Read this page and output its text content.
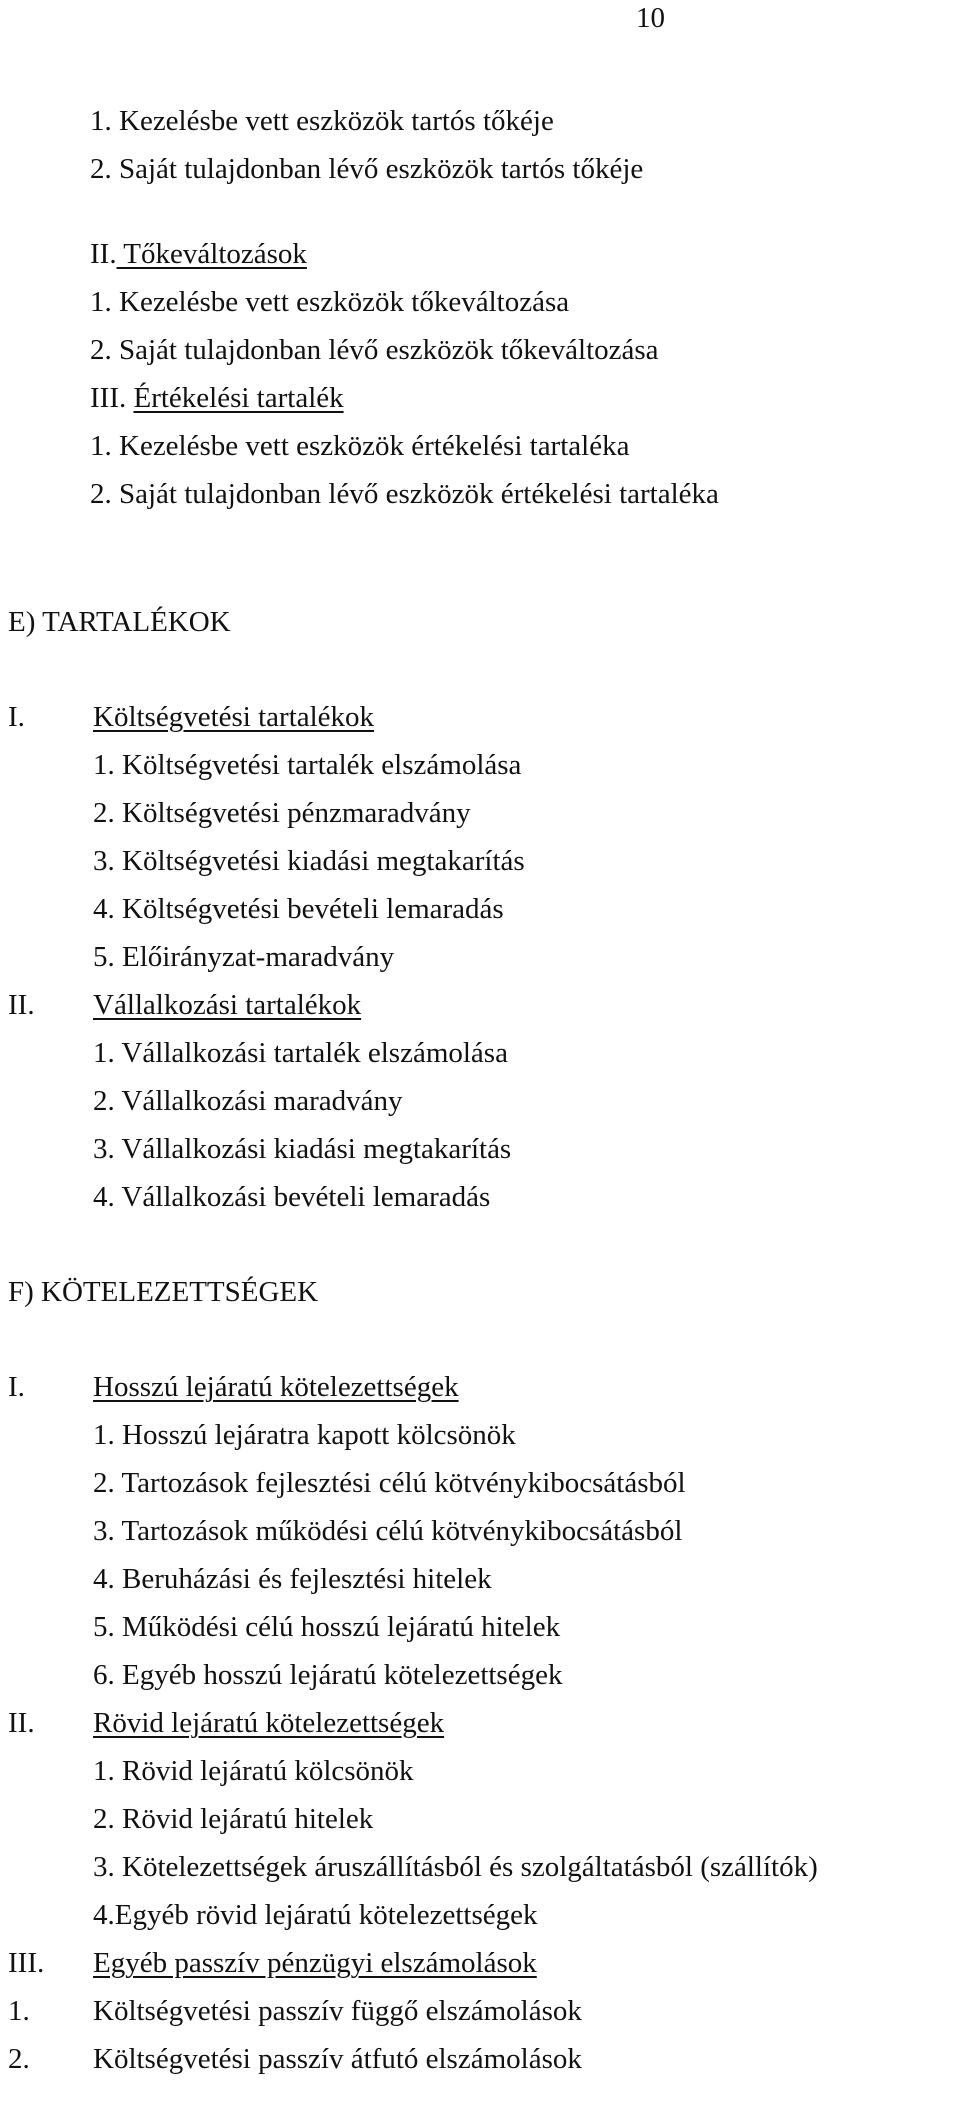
10
1. Kezelésbe vett eszközök tartós tőkéje
2. Saját tulajdonban lévő eszközök tartós tőkéje
II. Tőkeváltozások
1. Kezelésbe vett eszközök tőkeváltozása
2. Saját tulajdonban lévő eszközök tőkeváltozása
III. Értékelési tartalék
1. Kezelésbe vett eszközök értékelési tartaléka
2. Saját tulajdonban lévő eszközök értékelési tartaléka
E) TARTALÉKOK
I. Költségvetési tartalékok
1. Költségvetési tartalék elszámolása
2. Költségvetési pénzmaradvány
3. Költségvetési kiadási megtakarítás
4. Költségvetési bevételi lemaradás
5. Előirányzat-maradvány
II. Vállalkozási tartalékok
1. Vállalkozási tartalék elszámolása
2. Vállalkozási maradvány
3. Vállalkozási kiadási megtakarítás
4. Vállalkozási bevételi lemaradás
F) KÖTELEZETTSÉGEK
I. Hosszú lejáratú kötelezettségek
1. Hosszú lejáratra kapott kölcsönök
2. Tartozások fejlesztési célú kötvénykibocsátásból
3. Tartozások működési célú kötvénykibocsátásból
4. Beruházási és fejlesztési hitelek
5. Működési célú hosszú lejáratú hitelek
6. Egyéb hosszú lejáratú kötelezettségek
II. Rövid lejáratú kötelezettségek
1. Rövid lejáratú kölcsönök
2. Rövid lejáratú hitelek
3. Kötelezettségek áruszállításból és szolgáltatásból (szállítók)
4.Egyéb rövid lejáratú kötelezettségek
III. Egyéb passzív pénzügyi elszámolások
1. Költségvetési passzív függő elszámolások
2. Költségvetési passzív átfutó elszámolások
